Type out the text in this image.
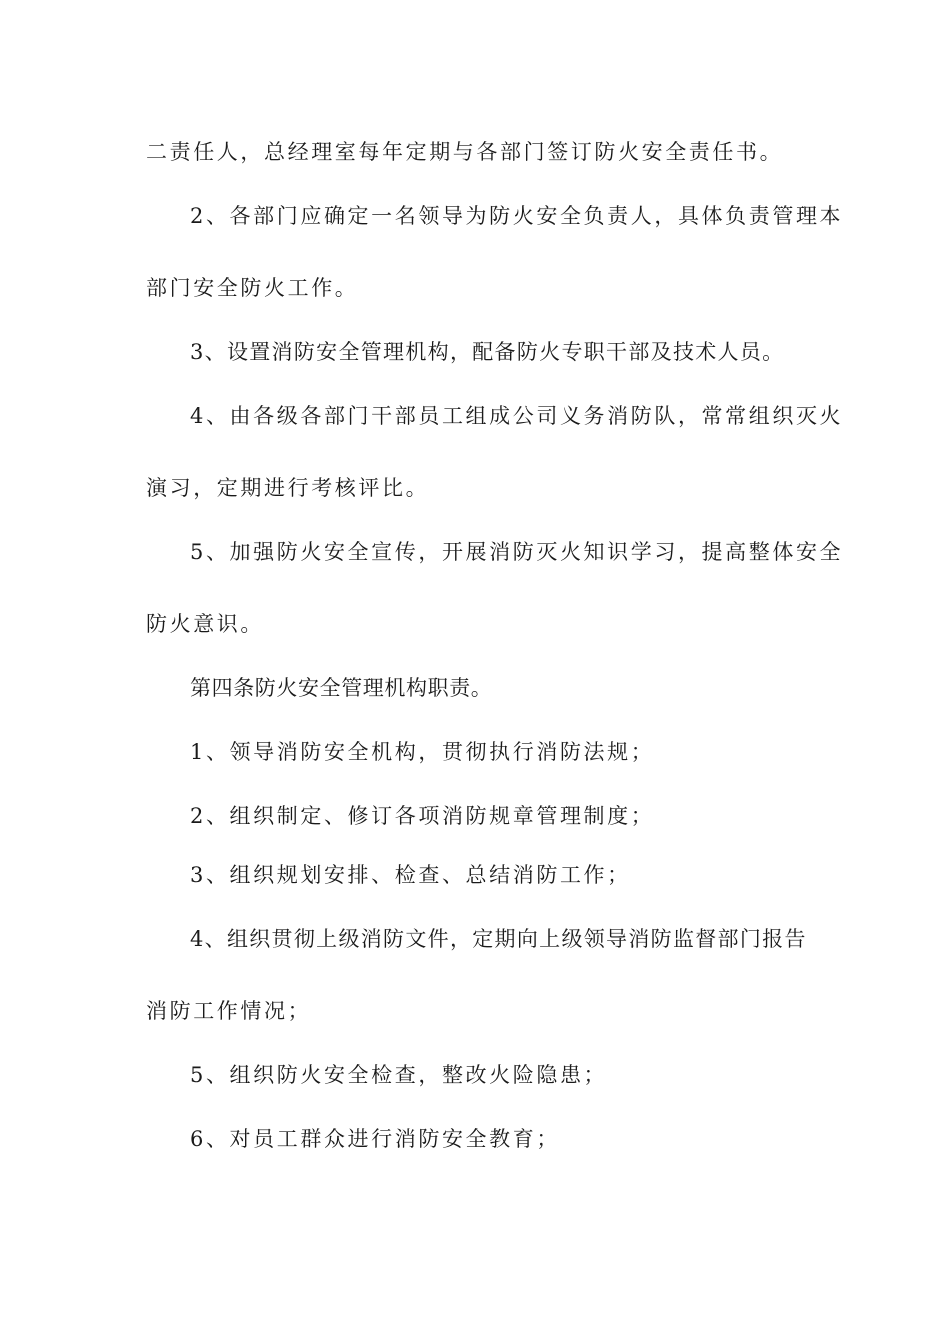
二责任人，总经理室每年定期与各部门签订防火安全责任书。
2、各部门应确定一名领导为防火安全负责人，具体负责管理本
部门安全防火工作。
3、设置消防安全管理机构，配备防火专职干部及技术人员。
4、由各级各部门干部员工组成公司义务消防队，常常组织灭火
演习，定期进行考核评比。
5、加强防火安全宣传，开展消防灭火知识学习，提高整体安全
防火意识。
第四条防火安全管理机构职责。
1、领导消防安全机构，贯彻执行消防法规；
2、组织制定、修订各项消防规章管理制度；
3、组织规划安排、检查、总结消防工作；
4、组织贯彻上级消防文件，定期向上级领导消防监督部门报告
消防工作情况；
5、组织防火安全检查，整改火险隐患；
6、对员工群众进行消防安全教育；
